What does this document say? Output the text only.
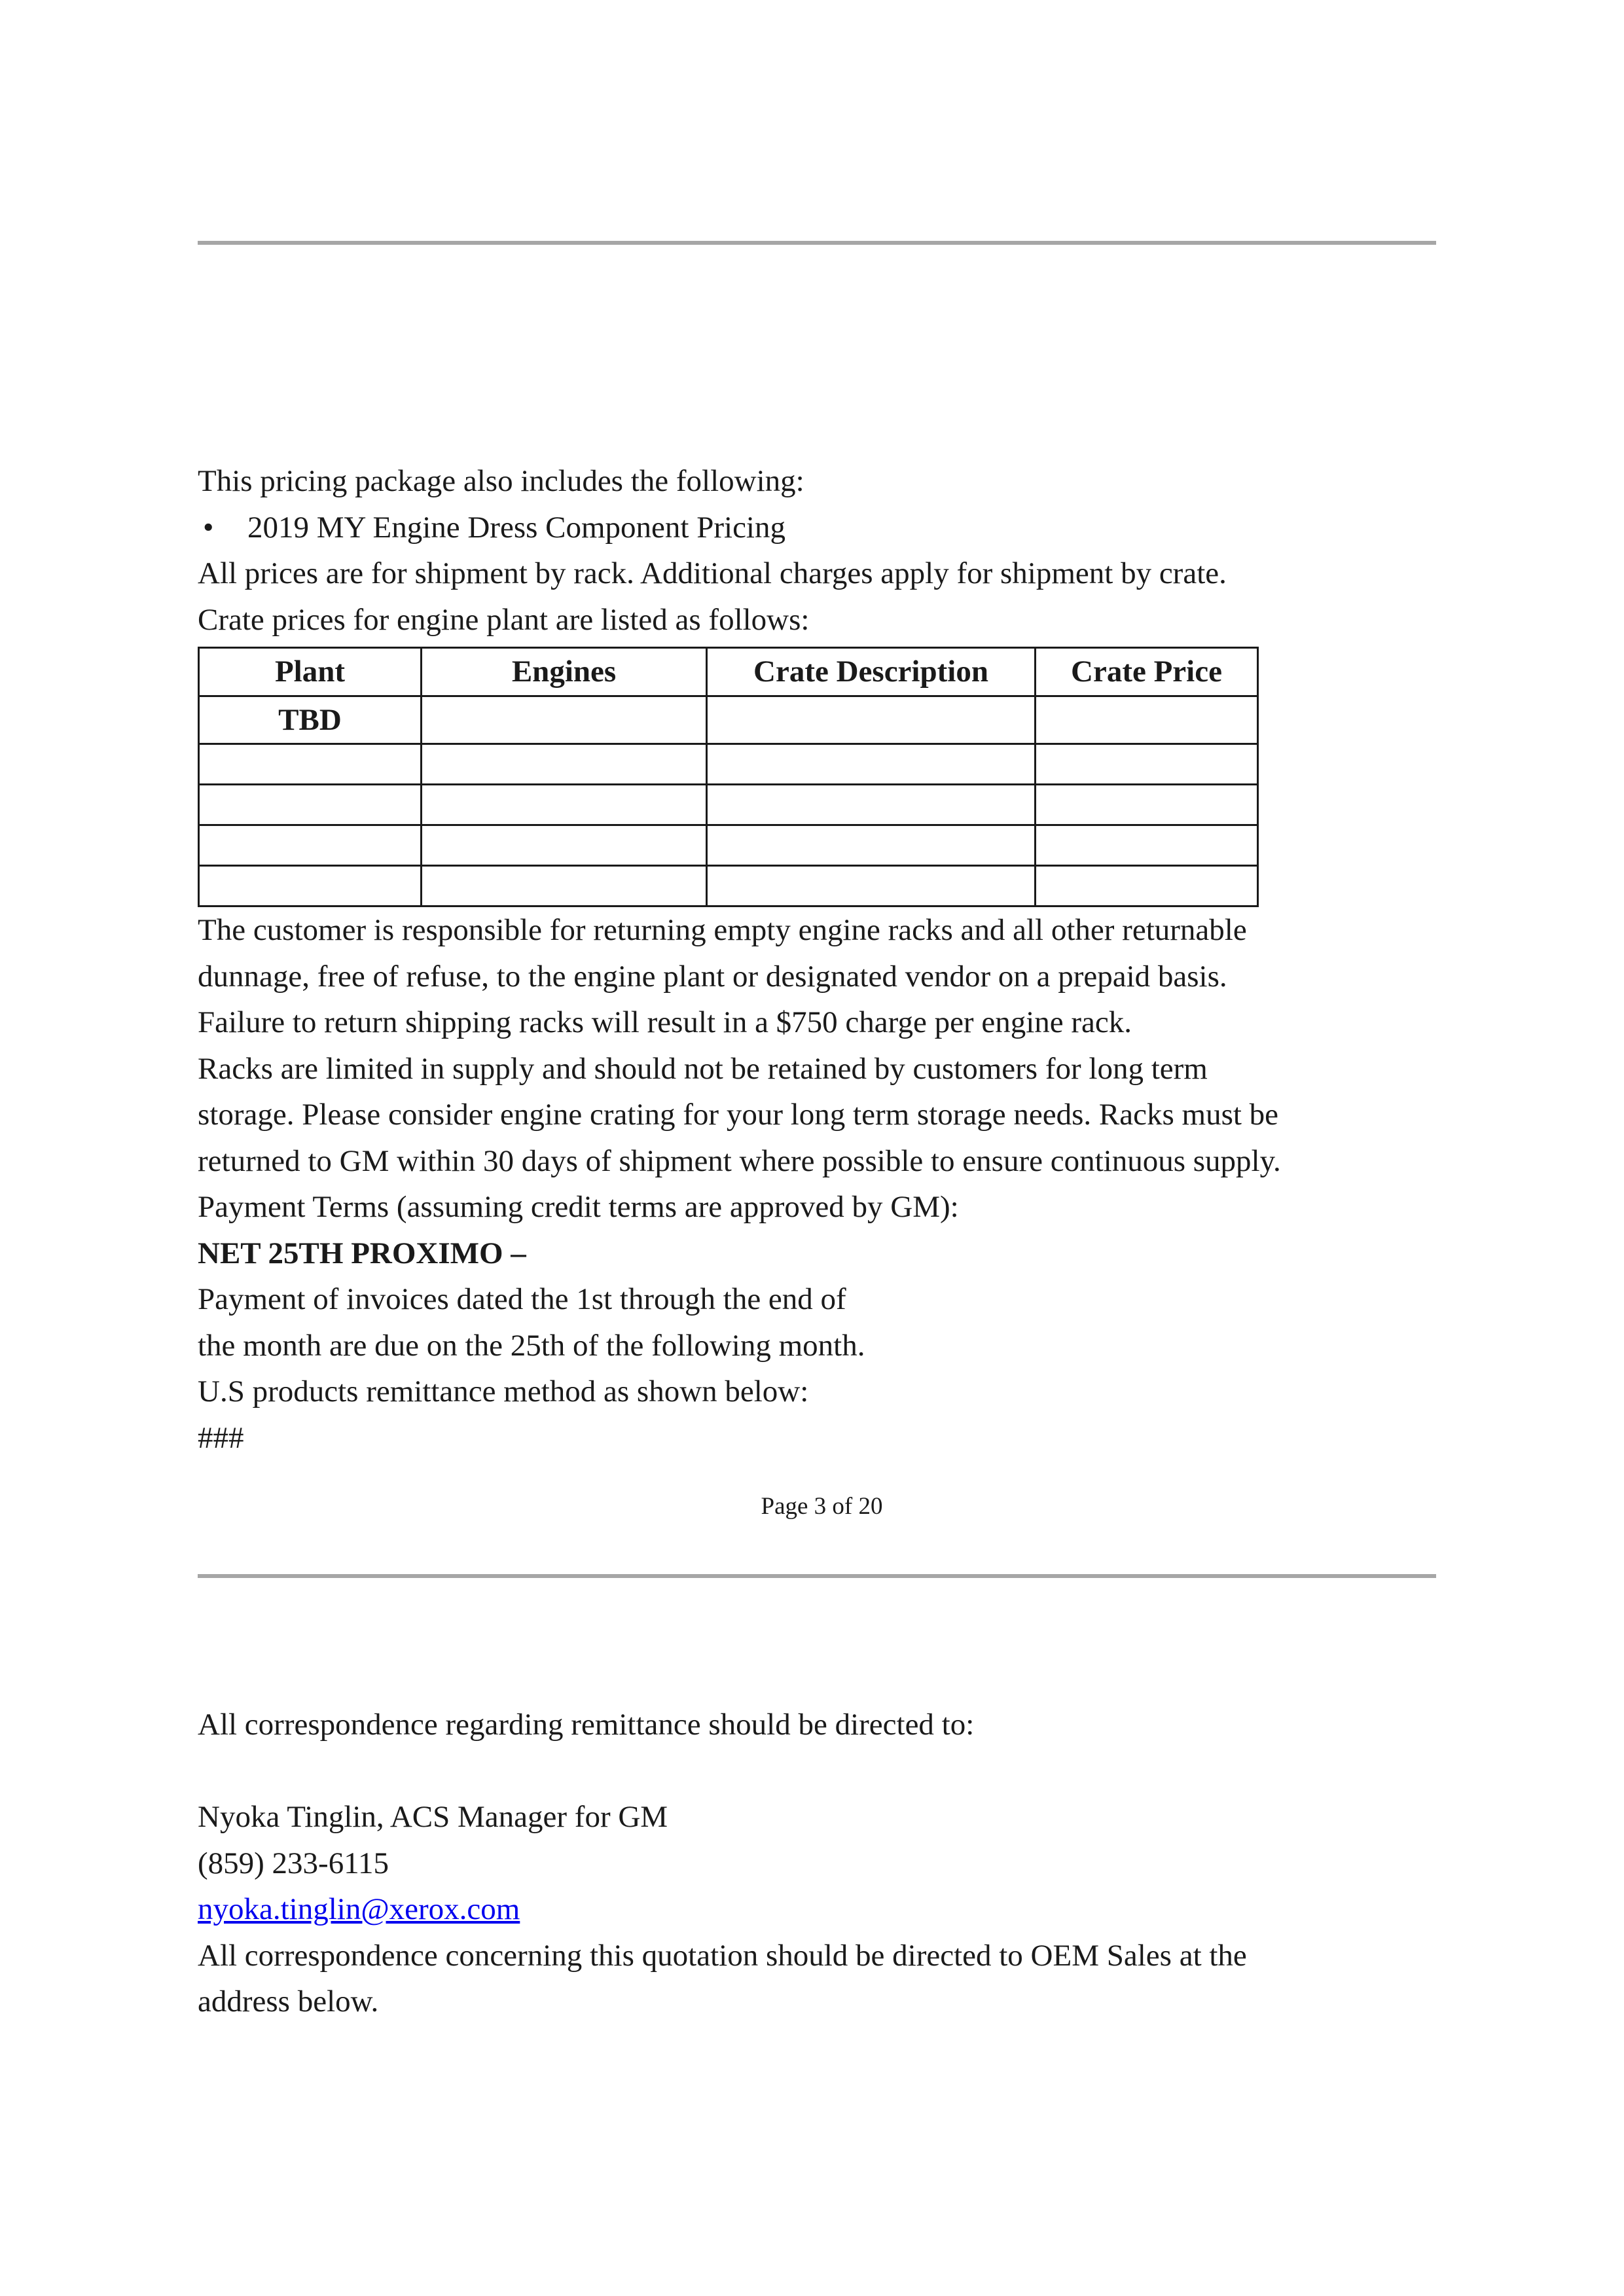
This pricing package also includes the following:
• 2019 MY Engine Dress Component Pricing
All prices are for shipment by rack. Additional charges apply for shipment by crate.
Crate prices for engine plant are listed as follows:
Plant	Engines	Crate Description	Crate Price
TBD			

The customer is responsible for returning empty engine racks and all other returnable
dunnage, free of refuse, to the engine plant or designated vendor on a prepaid basis.
Failure to return shipping racks will result in a $750 charge per engine rack.
Racks are limited in supply and should not be retained by customers for long term
storage. Please consider engine crating for your long term storage needs. Racks must be
returned to GM within 30 days of shipment where possible to ensure continuous supply.
Payment Terms (assuming credit terms are approved by GM):
NET 25TH PROXIMO –
Payment of invoices dated the 1st through the end of
the month are due on the 25th of the following month.
U.S products remittance method as shown below:
###
Page 3 of 20
All correspondence regarding remittance should be directed to:

Nyoka Tinglin, ACS Manager for GM
(859) 233-6115
nyoka.tinglin@xerox.com
All correspondence concerning this quotation should be directed to OEM Sales at the
address below.
